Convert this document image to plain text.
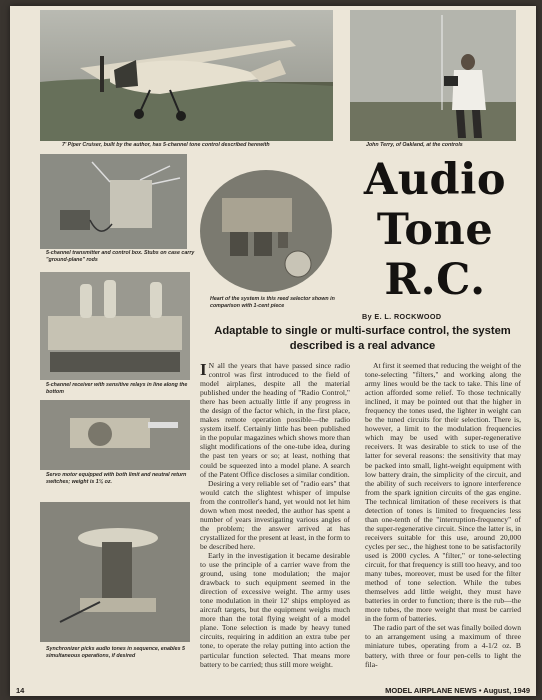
7' Piper Cruiser, built by the author, has 5-channel tone control described herewith	John Terry, of Oakland, at the controls
5-channel transmitter and control box. Stubs on case carry "ground-plane" rods
Heart of the system is this reed selector shown in comparison with 1-cent piece
Audio
Tone
R.C.
By E. L. ROCKWOOD
5-channel receiver with sensitive relays in line along the bottom
Adaptable to single or multi-surface control, the system described is a real advance
Servo motor equipped with both limit and neutral return switches; weight is 1⅛ oz.
Synchronizer picks audio tones in sequence, enables 5 simultaneous operations, if desired

I N all the years that have passed since radio control was first introduced to the field of model airplanes, despite all the material published under the heading of "Radio Control," there has been actually little if any progress in the design of the factor which, in the first place, makes remote operation possible—the radio system itself. Certainly little has been published in the popular magazines which shows more than slight modifications of the one-tube idea, during the past ten years or so; at least, nothing that could be squeezed into a model plane. A search of the Patent Office discloses a similar condition.

Desiring a very reliable set of "radio ears" that would catch the slightest whisper of impulse from the controller's hand, yet would not let him down when most needed, the author has spent a number of years investigating various angles of the problem; the answer arrived at has crystallized for the present at least, in the form to be described here.

Early in the investigation it became desirable to use the principle of a carrier wave from the ground, using tone modulation; the major drawback to such equipment seemed in the direction of excessive weight. The army uses tone modulation in their 12' ships employed as aircraft targets, but the equipment weighs much more than the total flying weight of a model plane. Tone selection is made by heavy tuned circuits, requiring in addition an extra tube per tone, to operate the relay putting into action the particular function selected. That means more battery to be carried; thus still more weight.

At first it seemed that reducing the weight of the tone-selecting "filters," and working along the army lines would be the tack to take. This line of action afforded some relief. To those technically inclined, it may be pointed out that the higher in frequency the tones used, the lighter in weight can be the tuned circuits for their selection. There is, however, a limit to the modulation frequencies which may be used with super-regenerative receivers. It was desirable to stick to use of the latter for several reasons: the sensitivity that may be packed into small, light-weight equipment with low battery drain, the simplicity of the circuit, and the ability of such receivers to ignore interference from the spark ignition circuits of the gas engine. The technical limitation of these receivers is that detection of tones is limited to frequencies less than one-tenth of the "interruption-frequency" of the super-regenerative circuit. Since the latter is, in receivers suitable for this use, around 20,000 cycles per sec., the highest tone to be satisfactorily used is 2000 cycles. A "filter," or tone-selecting circuit, for that frequency is still too heavy, and too many tubes, moreover, must be used for the filter method of tone selection. While the tubes themselves add little weight, they must have batteries in order to function; there is the rub—the more tubes, the more weight that must be carried in the form of batteries.

The radio part of the set was finally boiled down to an arrangement using a maximum of three miniature tubes, operating from a 4-1/2 oz. B battery, with three or four pen-cells to light the fila-

14	MODEL AIRPLANE NEWS • August, 1949
